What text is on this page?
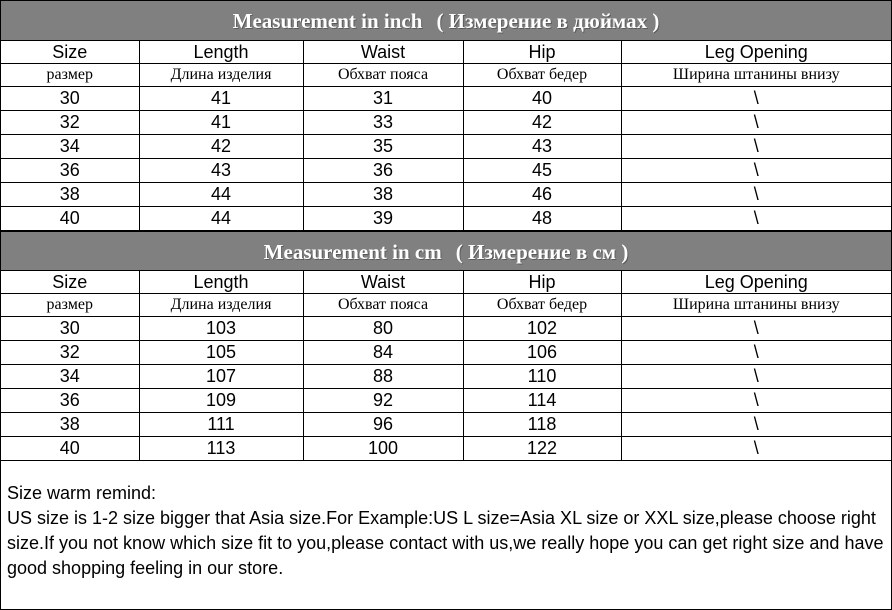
Measurement in inch ( Измерение в дюймах )
Size	Length	Waist	Hip	Leg Opening
размер	Длина изделия	Обхват пояса	Обхват бедер	Ширина штанины внизу
30	41	31	40	\
32	41	33	42	\
34	42	35	43	\
36	43	36	45	\
38	44	38	46	\
40	44	39	48	\
Measurement in cm ( Измерение в см )
Size	Length	Waist	Hip	Leg Opening
размер	Длина изделия	Обхват пояса	Обхват бедер	Ширина штанины внизу
30	103	80	102	\
32	105	84	106	\
34	107	88	110	\
36	109	92	114	\
38	111	96	118	\
40	113	100	122	\
Size warm remind:
US size is 1-2 size bigger that Asia size.For Example:US L size=Asia XL size or XXL size,please choose right size.If you not know which size fit to you,please contact with us,we really hope you can get right size and have good shopping feeling in our store.
